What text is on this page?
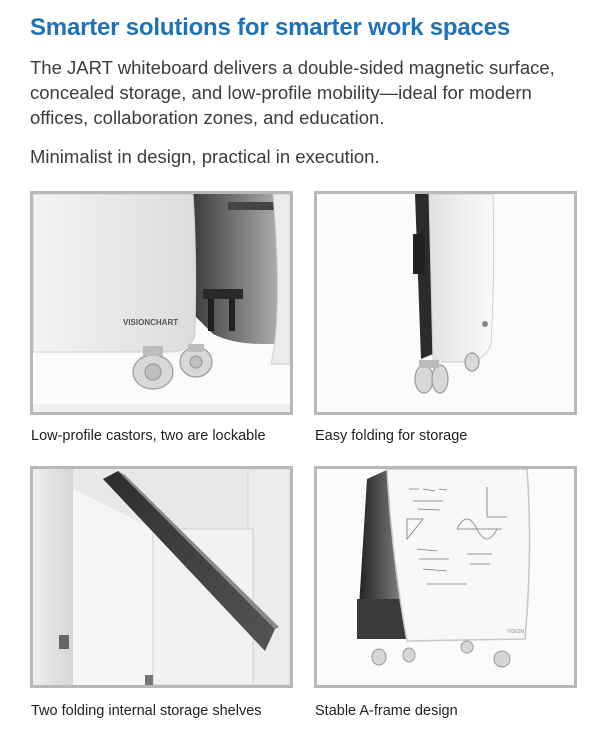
Smarter solutions for smarter work spaces

The JART whiteboard delivers a double-sided magnetic surface, concealed storage, and low-profile mobility—ideal for modern offices, collaboration zones, and education.

Minimalist in design, practical in execution.

VISIONCHART

Low-profile castors, two are lockable	Easy folding for storage

Two folding internal storage shelves

VISION

Stable A-frame design
